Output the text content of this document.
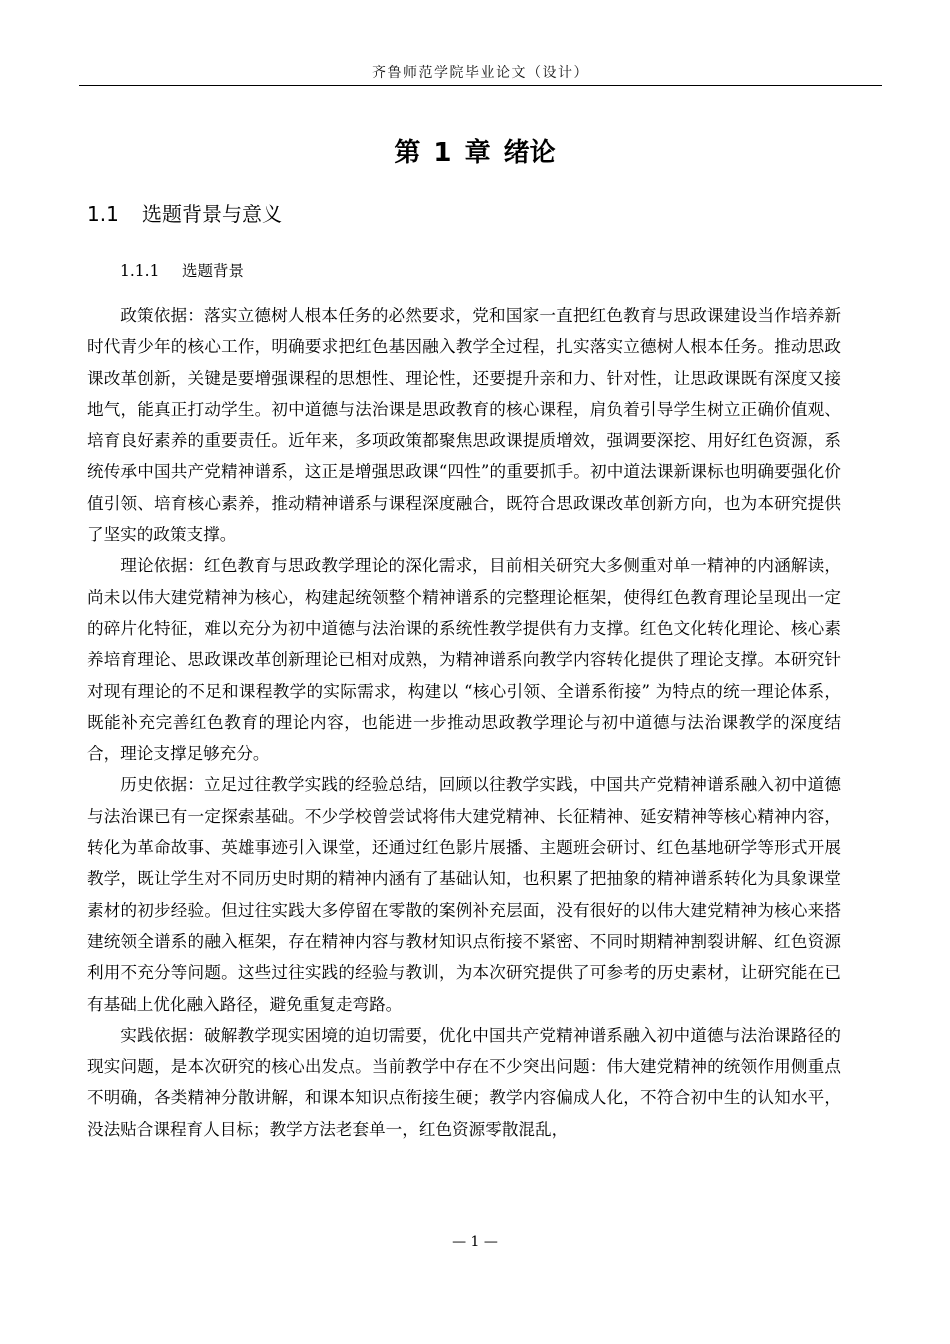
齐鲁师范学院毕业论文（设计）
第 1 章 绪论
1.1 选题背景与意义
1.1.1 选题背景

政策依据：落实立德树人根本任务的必然要求，党和国家一直把红色教育与思政课建设当作培养新时代青少年的核心工作，明确要求把红色基因融入教学全过程，扎实落实立德树人根本任务。推动思政课改革创新，关键是要增强课程的思想性、理论性，还要提升亲和力、针对性，让思政课既有深度又接地气，能真正打动学生。初中道德与法治课是思政教育的核心课程，肩负着引导学生树立正确价值观、培育良好素养的重要责任。近年来，多项政策都聚焦思政课提质增效，强调要深挖、用好红色资源，系统传承中国共产党精神谱系，这正是增强思政课“四性”的重要抓手。初中道法课新课标也明确要强化价值引领、培育核心素养，推动精神谱系与课程深度融合，既符合思政课改革创新方向，也为本研究提供了坚实的政策支撑。

理论依据：红色教育与思政教学理论的深化需求，目前相关研究大多侧重对单一精神的内涵解读，尚未以伟大建党精神为核心，构建起统领整个精神谱系的完整理论框架，使得红色教育理论呈现出一定的碎片化特征，难以充分为初中道德与法治课的系统性教学提供有力支撑。红色文化转化理论、核心素养培育理论、思政课改革创新理论已相对成熟，为精神谱系向教学内容转化提供了理论支撑。本研究针对现有理论的不足和课程教学的实际需求，构建以 “核心引领、全谱系衔接” 为特点的统一理论体系，既能补充完善红色教育的理论内容，也能进一步推动思政教学理论与初中道德与法治课教学的深度结合，理论支撑足够充分。

历史依据：立足过往教学实践的经验总结，回顾以往教学实践，中国共产党精神谱系融入初中道德与法治课已有一定探索基础。不少学校曾尝试将伟大建党精神、长征精神、延安精神等核心精神内容，转化为革命故事、英雄事迹引入课堂，还通过红色影片展播、主题班会研讨、红色基地研学等形式开展教学，既让学生对不同历史时期的精神内涵有了基础认知，也积累了把抽象的精神谱系转化为具象课堂素材的初步经验。但过往实践大多停留在零散的案例补充层面，没有很好的以伟大建党精神为核心来搭建统领全谱系的融入框架，存在精神内容与教材知识点衔接不紧密、不同时期精神割裂讲解、红色资源利用不充分等问题。这些过往实践的经验与教训，为本次研究提供了可参考的历史素材，让研究能在已有基础上优化融入路径，避免重复走弯路。

实践依据：破解教学现实困境的迫切需要，优化中国共产党精神谱系融入初中道德与法治课路径的现实问题，是本次研究的核心出发点。当前教学中存在不少突出问题：伟大建党精神的统领作用侧重点不明确，各类精神分散讲解，和课本知识点衔接生硬；教学内容偏成人化，不符合初中生的认知水平，没法贴合课程育人目标；教学方法老套单一，红色资源零散混乱，

— 1 —
